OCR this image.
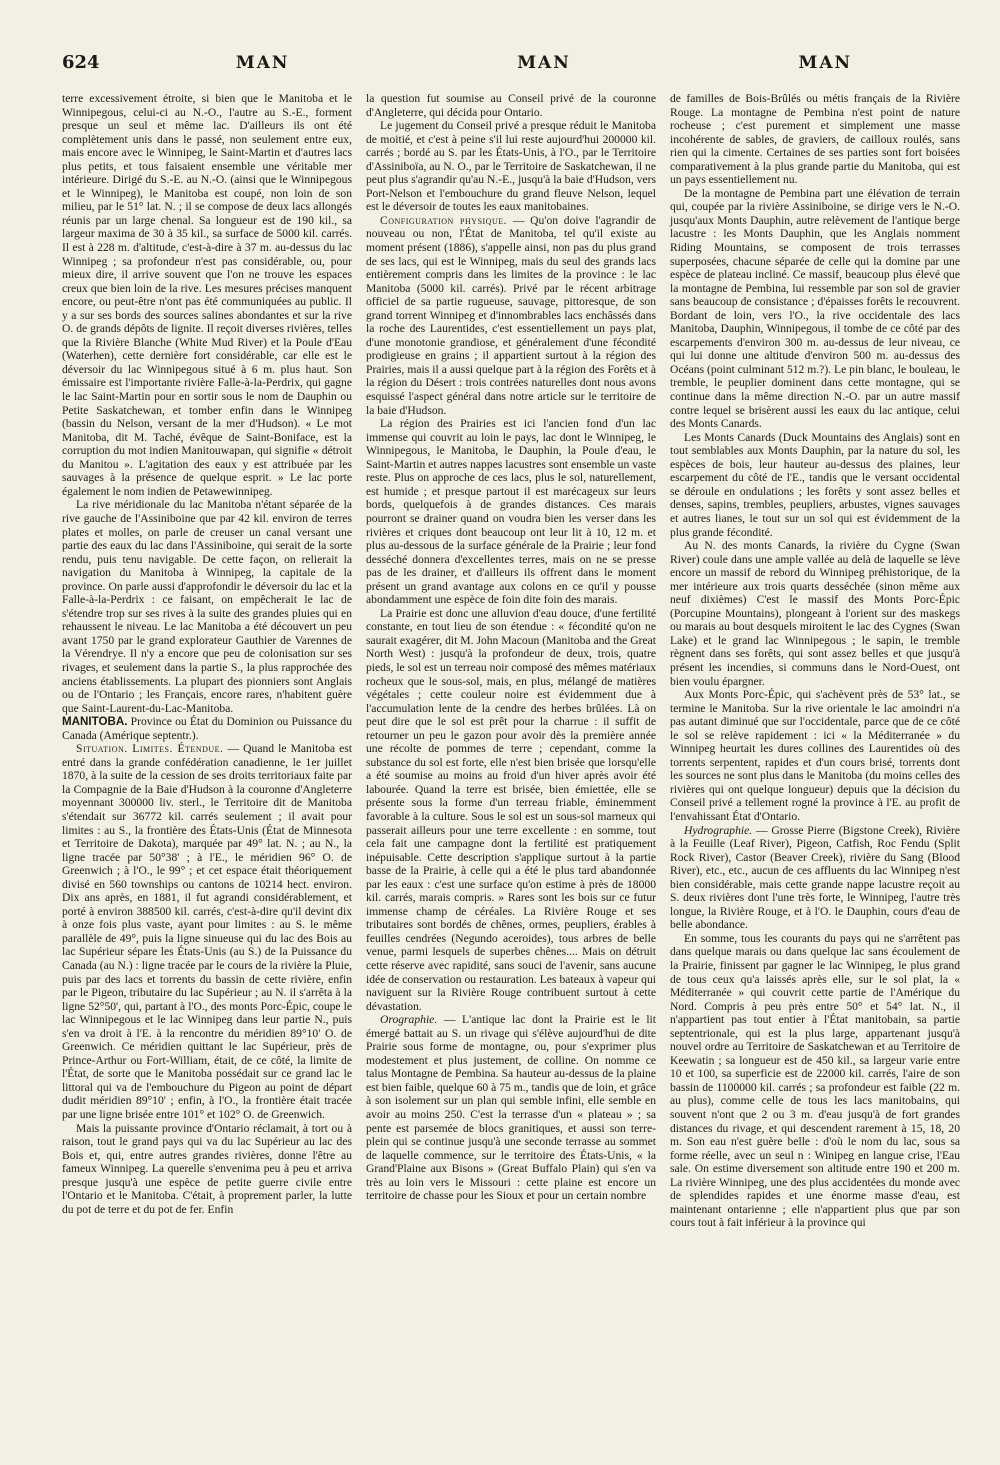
624	MAN	MAN	MAN

terre excessivement étroite, si bien que le Manitoba et le Winnipegous, celui-ci au N.-O., l'autre au S.-E., forment presque un seul et même lac. D'ailleurs ils ont été complètement unis dans le passé, non seulement entre eux, mais encore avec le Winnipeg, le Saint-Martin et d'autres lacs plus petits, et tous faisaient ensemble une véritable mer intérieure. Dirigé du S.-E. au N.-O. (ainsi que le Winnipegous et le Winnipeg), le Manitoba est coupé, non loin de son milieu, par le 51° lat. N. ; il se compose de deux lacs allongés réunis par un large chenal. Sa longueur est de 190 kil., sa largeur maxima de 30 à 35 kil., sa surface de 5000 kil. carrés. Il est à 228 m. d'altitude, c'est-à-dire à 37 m. au-dessus du lac Winnipeg ; sa profondeur n'est pas considérable, ou, pour mieux dire, il arrive souvent que l'on ne trouve les espaces creux que bien loin de la rive. Les mesures précises manquent encore, ou peut-être n'ont pas été communiquées au public. Il y a sur ses bords des sources salines abondantes et sur la rive O. de grands dépôts de lignite. Il reçoit diverses rivières, telles que la Rivière Blanche (White Mud River) et la Poule d'Eau (Waterhen), cette dernière fort considérable, car elle est le déversoir du lac Winnipegous situé à 6 m. plus haut. Son émissaire est l'importante rivière Falle-à-la-Perdrix, qui gagne le lac Saint-Martin pour en sortir sous le nom de Dauphin ou Petite Saskatchewan, et tomber enfin dans le Winnipeg (bassin du Nelson, versant de la mer d'Hudson). « Le mot Manitoba, dit M. Taché, évêque de Saint-Boniface, est la corruption du mot indien Manitouwapan, qui signifie « détroit du Manitou ». L'agitation des eaux y est attribuée par les sauvages à la présence de quelque esprit. » Le lac porte également le nom indien de Petawewinnipeg.

La rive méridionale du lac Manitoba n'étant séparée de la rive gauche de l'Assiniboine que par 42 kil. environ de terres plates et molles, on parle de creuser un canal versant une partie des eaux du lac dans l'Assiniboine, qui serait de la sorte rendu, puis tenu navigable. De cette façon, on relierait la navigation du Manitoba à Winnipeg, la capitale de la province. On parle aussi d'approfondir le déversoir du lac et la Falle-à-la-Perdrix : ce faisant, on empêcherait le lac de s'étendre trop sur ses rives à la suite des grandes pluies qui en rehaussent le niveau. Le lac Manitoba a été découvert un peu avant 1750 par le grand explorateur Gauthier de Varennes de la Vérendrye. Il n'y a encore que peu de colonisation sur ses rivages, et seulement dans la partie S., la plus rapprochée des anciens établissements. La plupart des pionniers sont Anglais ou de l'Ontario ; les Français, encore rares, n'habitent guère que Saint-Laurent-du-Lac-Manitoba.

MANITOBA. Province ou État du Dominion ou Puissance du Canada (Amérique septentr.).

Situation. Limites. Étendue. — Quand le Manitoba est entré dans la grande confédération canadienne, le 1er juillet 1870, à la suite de la cession de ses droits territoriaux faite par la Compagnie de la Baie d'Hudson à la couronne d'Angleterre moyennant 300000 liv. sterl., le Territoire dit de Manitoba s'étendait sur 36772 kil. carrés seulement ; il avait pour limites : au S., la frontière des États-Unis (État de Minnesota et Territoire de Dakota), marquée par 49° lat. N. ; au N., la ligne tracée par 50°38' ; à l'E., le méridien 96° O. de Greenwich ; à l'O., le 99° ; et cet espace était théoriquement divisé en 560 townships ou cantons de 10214 hect. environ. Dix ans après, en 1881, il fut agrandi considérablement, et porté à environ 388500 kil. carrés, c'est-à-dire qu'il devint dix à onze fois plus vaste, ayant pour limites : au S. le même parallèle de 49°, puis la ligne sinueuse qui du lac des Bois au lac Supérieur sépare les États-Unis (au S.) de la Puissance du Canada (au N.) : ligne tracée par le cours de la rivière la Pluie, puis par des lacs et torrents du bassin de cette rivière, enfin par le Pigeon, tributaire du lac Supérieur ; au N. il s'arrêta à la ligne 52°50', qui, partant à l'O., des monts Porc-Épic, coupe le lac Winnipegous et le lac Winnipeg dans leur partie N., puis s'en va droit à l'E. à la rencontre du méridien 89°10' O. de Greenwich. Ce méridien quittant le lac Supérieur, près de Prince-Arthur ou Fort-William, était, de ce côté, la limite de l'État, de sorte que le Manitoba possédait sur ce grand lac le littoral qui va de l'embouchure du Pigeon au point de départ dudit méridien 89°10' ; enfin, à l'O., la frontière était tracée par une ligne brisée entre 101° et 102° O. de Greenwich.

Mais la puissante province d'Ontario réclamait, à tort ou à raison, tout le grand pays qui va du lac Supérieur au lac des Bois et, qui, entre autres grandes rivières, donne l'être au fameux Winnipeg. La querelle s'envenima peu à peu et arriva presque jusqu'à une espèce de petite guerre civile entre l'Ontario et le Manitoba. C'était, à proprement parler, la lutte du pot de terre et du pot de fer. Enfin

la question fut soumise au Conseil privé de la couronne d'Angleterre, qui décida pour Ontario.

Le jugement du Conseil privé a presque réduit le Manitoba de moitié, et c'est à peine s'il lui reste aujourd'hui 200000 kil. carrés ; bordé au S. par les États-Unis, à l'O., par le Territoire d'Assiniboïa, au N. O., par le Territoire de Saskatchewan, il ne peut plus s'agrandir qu'au N.-E., jusqu'à la baie d'Hudson, vers Port-Nelson et l'embouchure du grand fleuve Nelson, lequel est le déversoir de toutes les eaux manitobaines.

Configuration physique. — Qu'on doive l'agrandir de nouveau ou non, l'État de Manitoba, tel qu'il existe au moment présent (1886), s'appelle ainsi, non pas du plus grand de ses lacs, qui est le Winnipeg, mais du seul des grands lacs entièrement compris dans les limites de la province : le lac Manitoba (5000 kil. carrés). Privé par le récent arbitrage officiel de sa partie rugueuse, sauvage, pittoresque, de son grand torrent Winnipeg et d'innombrables lacs enchâssés dans la roche des Laurentides, c'est essentiellement un pays plat, d'une monotonie grandiose, et généralement d'une fécondité prodigieuse en grains ; il appartient surtout à la région des Prairies, mais il a aussi quelque part à la région des Forêts et à la région du Désert : trois contrées naturelles dont nous avons esquissé l'aspect général dans notre article sur le territoire de la baie d'Hudson.

La région des Prairies est ici l'ancien fond d'un lac immense qui couvrit au loin le pays, lac dont le Winnipeg, le Winnipegous, le Manitoba, le Dauphin, la Poule d'eau, le Saint-Martin et autres nappes lacustres sont ensemble un vaste reste. Plus on approche de ces lacs, plus le sol, naturellement, est humide ; et presque partout il est marécageux sur leurs bords, quelquefois à de grandes distances. Ces marais pourront se drainer quand on voudra bien les verser dans les rivières et criques dont beaucoup ont leur lit à 10, 12 m. et plus au-dessous de la surface générale de la Prairie ; leur fond desséché donnera d'excellentes terres, mais on ne se presse pas de les drainer, et d'ailleurs ils offrent dans le moment présent un grand avantage aux colons en ce qu'il y pousse abondamment une espèce de foin dite foin des marais.

La Prairie est donc une alluvion d'eau douce, d'une fertilité constante, en tout lieu de son étendue : « fécondité qu'on ne saurait exagérer, dit M. John Macoun (Manitoba and the Great North West) : jusqu'à la profondeur de deux, trois, quatre pieds, le sol est un terreau noir composé des mêmes matériaux rocheux que le sous-sol, mais, en plus, mélangé de matières végétales ; cette couleur noire est évidemment due à l'accumulation lente de la cendre des herbes brûlées. Là on peut dire que le sol est prêt pour la charrue : il suffit de retourner un peu le gazon pour avoir dès la première année une récolte de pommes de terre ; cependant, comme la substance du sol est forte, elle n'est bien brisée que lorsqu'elle a été soumise au moins au froid d'un hiver après avoir été labourée. Quand la terre est brisée, bien émiettée, elle se présente sous la forme d'un terreau friable, éminemment favorable à la culture. Sous le sol est un sous-sol marneux qui passerait ailleurs pour une terre excellente : en somme, tout cela fait une campagne dont la fertilité est pratiquement inépuisable. Cette description s'applique surtout à la partie basse de la Prairie, à celle qui a été le plus tard abandonnée par les eaux : c'est une surface qu'on estime à près de 18000 kil. carrés, marais compris. » Rares sont les bois sur ce futur immense champ de céréales. La Rivière Rouge et ses tributaires sont bordés de chênes, ormes, peupliers, érables à feuilles cendrées (Negundo aceroides), tous arbres de belle venue, parmi lesquels de superbes chênes.... Mais on détruit cette réserve avec rapidité, sans souci de l'avenir, sans aucune idée de conservation ou restauration. Les bateaux à vapeur qui naviguent sur la Rivière Rouge contribuent surtout à cette dévastation.

Orographie. — L'antique lac dont la Prairie est le lit émergé battait au S. un rivage qui s'élève aujourd'hui de dite Prairie sous forme de montagne, ou, pour s'exprimer plus modestement et plus justement, de colline. On nomme ce talus Montagne de Pembina. Sa hauteur au-dessus de la plaine est bien faible, quelque 60 à 75 m., tandis que de loin, et grâce à son isolement sur un plan qui semble infini, elle semble en avoir au moins 250. C'est la terrasse d'un « plateau » ; sa pente est parsemée de blocs granitiques, et aussi son terre-plein qui se continue jusqu'à une seconde terrasse au sommet de laquelle commence, sur le territoire des États-Unis, « la Grand'Plaine aux Bisons » (Great Buffalo Plain) qui s'en va très au loin vers le Missouri : cette plaine est encore un territoire de chasse pour les Sioux et pour un certain nombre

de familles de Bois-Brûlés ou métis français de la Rivière Rouge. La montagne de Pembina n'est point de nature rocheuse ; c'est purement et simplement une masse incohérente de sables, de graviers, de cailloux roulés, sans rien qui la cimente. Certaines de ses parties sont fort boisées comparativement à la plus grande partie du Manitoba, qui est un pays essentiellement nu.

De la montagne de Pembina part une élévation de terrain qui, coupée par la rivière Assiniboine, se dirige vers le N.-O. jusqu'aux Monts Dauphin, autre relèvement de l'antique berge lacustre : les Monts Dauphin, que les Anglais nomment Riding Mountains, se composent de trois terrasses superposées, chacune séparée de celle qui la domine par une espèce de plateau incliné. Ce massif, beaucoup plus élevé que la montagne de Pembina, lui ressemble par son sol de gravier sans beaucoup de consistance ; d'épaisses forêts le recouvrent. Bordant de loin, vers l'O., la rive occidentale des lacs Manitoba, Dauphin, Winnipegous, il tombe de ce côté par des escarpements d'environ 300 m. au-dessus de leur niveau, ce qui lui donne une altitude d'environ 500 m. au-dessus des Océans (point culminant 512 m.?). Le pin blanc, le bouleau, le tremble, le peuplier dominent dans cette montagne, qui se continue dans la même direction N.-O. par un autre massif contre lequel se brisèrent aussi les eaux du lac antique, celui des Monts Canards.

Les Monts Canards (Duck Mountains des Anglais) sont en tout semblables aux Monts Dauphin, par la nature du sol, les espèces de bois, leur hauteur au-dessus des plaines, leur escarpement du côté de l'E., tandis que le versant occidental se déroule en ondulations ; les forêts y sont assez belles et denses, sapins, trembles, peupliers, arbustes, vignes sauvages et autres lianes, le tout sur un sol qui est évidemment de la plus grande fécondité.

Au N. des monts Canards, la rivière du Cygne (Swan River) coule dans une ample vallée au delà de laquelle se lève encore un massif de rebord du Winnipeg préhistorique, de la mer intérieure aux trois quarts desséchée (sinon même aux neuf dixièmes) C'est le massif des Monts Porc-Épic (Porcupine Mountains), plongeant à l'orient sur des maskegs ou marais au bout desquels miroitent le lac des Cygnes (Swan Lake) et le grand lac Winnipegous ; le sapin, le tremble règnent dans ses forêts, qui sont assez belles et que jusqu'à présent les incendies, si communs dans le Nord-Ouest, ont bien voulu épargner.

Aux Monts Porc-Épic, qui s'achèvent près de 53° lat., se termine le Manitoba. Sur la rive orientale le lac amoindri n'a pas autant diminué que sur l'occidentale, parce que de ce côté le sol se relève rapidement : ici « la Méditerranée » du Winnipeg heurtait les dures collines des Laurentides où des torrents serpentent, rapides et d'un cours brisé, torrents dont les sources ne sont plus dans le Manitoba (du moins celles des rivières qui ont quelque longueur) depuis que la décision du Conseil privé a tellement rogné la province à l'E. au profit de l'envahissant État d'Ontario.

Hydrographie. — Grosse Pierre (Bigstone Creek), Rivière à la Feuille (Leaf River), Pigeon, Catfish, Roc Fendu (Split Rock River), Castor (Beaver Creek), rivière du Sang (Blood River), etc., etc., aucun de ces affluents du lac Winnipeg n'est bien considérable, mais cette grande nappe lacustre reçoit au S. deux rivières dont l'une très forte, le Winnipeg, l'autre très longue, la Rivière Rouge, et à l'O. le Dauphin, cours d'eau de belle abondance.

En somme, tous les courants du pays qui ne s'arrêtent pas dans quelque marais ou dans quelque lac sans écoulement de la Prairie, finissent par gagner le lac Winnipeg, le plus grand de tous ceux qu'a laissés après elle, sur le sol plat, la « Méditerranée » qui couvrit cette partie de l'Amérique du Nord. Compris à peu près entre 50° et 54° lat. N., il n'appartient pas tout entier à l'État manitobain, sa partie septentrionale, qui est la plus large, appartenant jusqu'à nouvel ordre au Territoire de Saskatchewan et au Territoire de Keewatin ; sa longueur est de 450 kil., sa largeur varie entre 10 et 100, sa superficie est de 22000 kil. carrés, l'aire de son bassin de 1100000 kil. carrés ; sa profondeur est faible (22 m. au plus), comme celle de tous les lacs manitobains, qui souvent n'ont que 2 ou 3 m. d'eau jusqu'à de fort grandes distances du rivage, et qui descendent rarement à 15, 18, 20 m. Son eau n'est guère belle : d'où le nom du lac, sous sa forme réelle, avec un seul n : Winipeg en langue crise, l'Eau sale. On estime diversement son altitude entre 190 et 200 m. La rivière Winnipeg, une des plus accidentées du monde avec de splendides rapides et une énorme masse d'eau, est maintenant ontarienne ; elle n'appartient plus que par son cours tout à fait inférieur à la province qui
